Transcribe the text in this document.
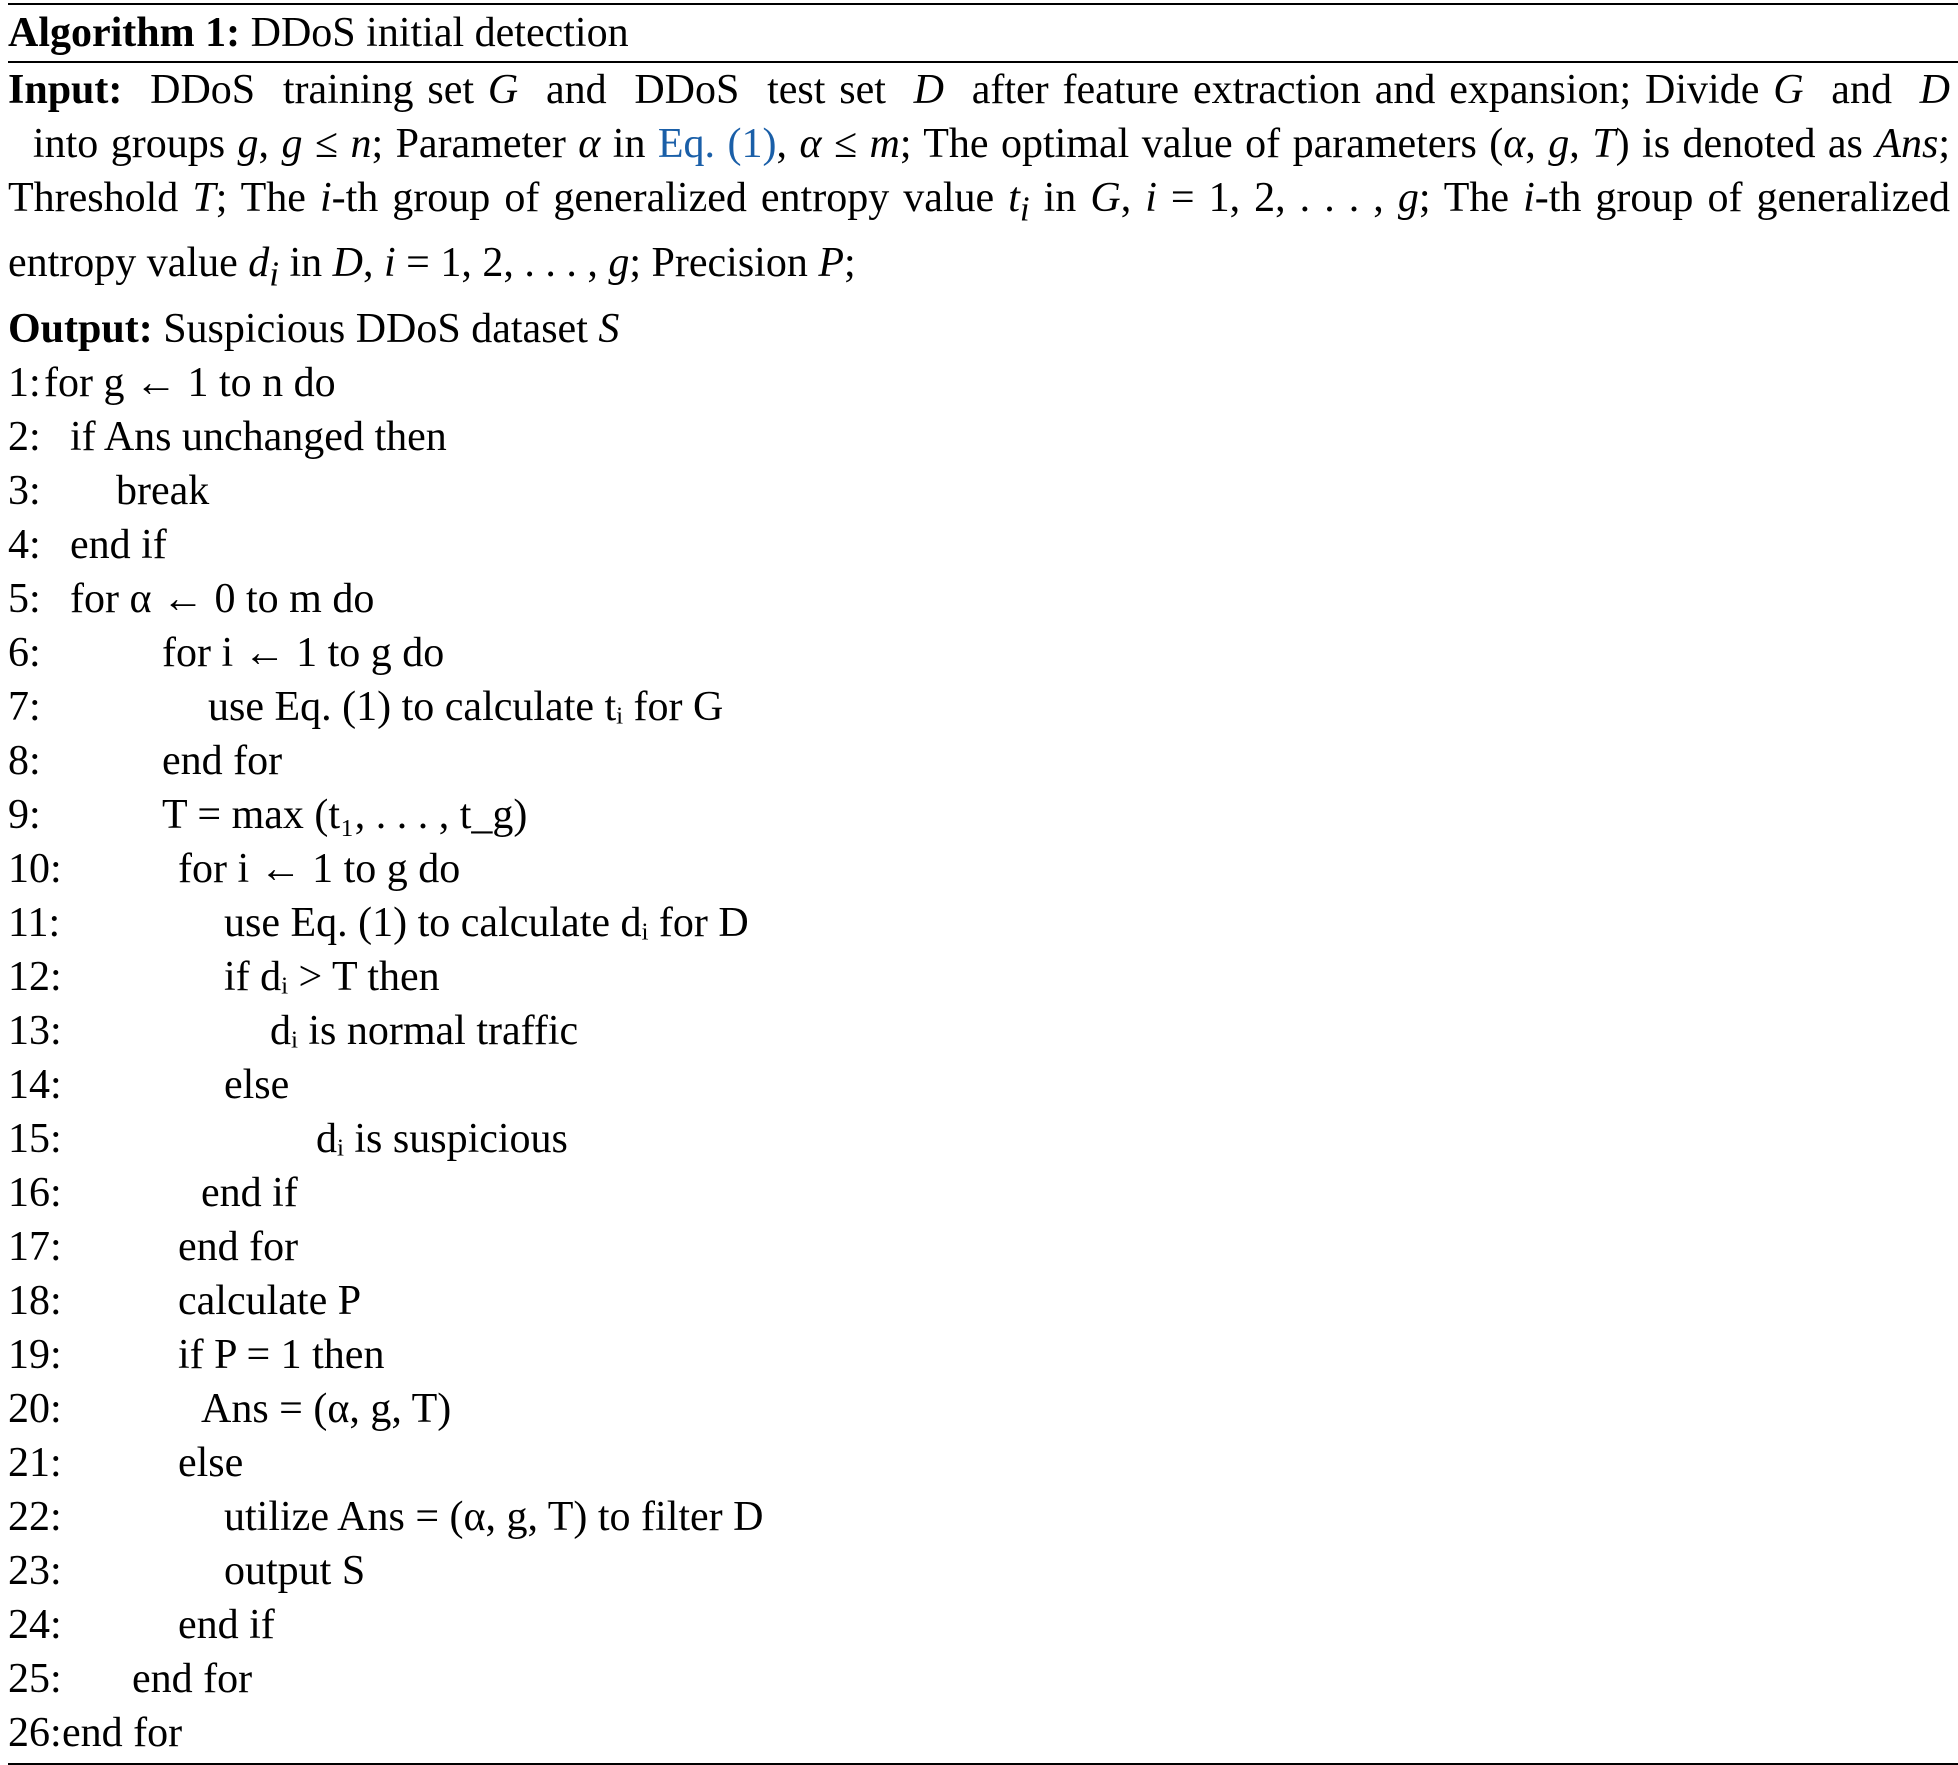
Algorithm 1: DDoS initial detection
Input:  DDoS  training set G  and  DDoS  test set  D  after feature extraction and expansion; Divide G  and  D  into groups g, g ≤ n; Parameter α in Eq. (1), α ≤ m; The optimal value of parameters (α, g, T) is denoted as Ans; Threshold T; The i-th group of generalized entropy value $t_i$ in G, i = 1, 2, . . . , g; The i-th group of generalized entropy value $d_i$ in D, i = 1, 2, . . . , g; Precision P;
Output: Suspicious DDoS dataset S
1: for g ← 1 to n do
2: if Ans unchanged then
3: break
4: end if
5: for α ← 0 to m do
6:	for i ← 1 to g do
7:	use Eq. (1) to calculate tᵢ for G
8:	end for
9:	T = max (t₁, . . . , t_g)
10:	for i ← 1 to g do
11:	use Eq. (1) to calculate dᵢ for D
12:	if dᵢ > T then
13:	dᵢ is normal traffic
14:	else
15:	dᵢ is suspicious
16:	end if
17:	end for
18:	calculate P
19:	if P = 1 then
20:	Ans = (α, g, T)
21:	else
22:	utilize Ans = (α, g, T) to filter D
23:	output S
24:	end if
25: end for
26: end for
